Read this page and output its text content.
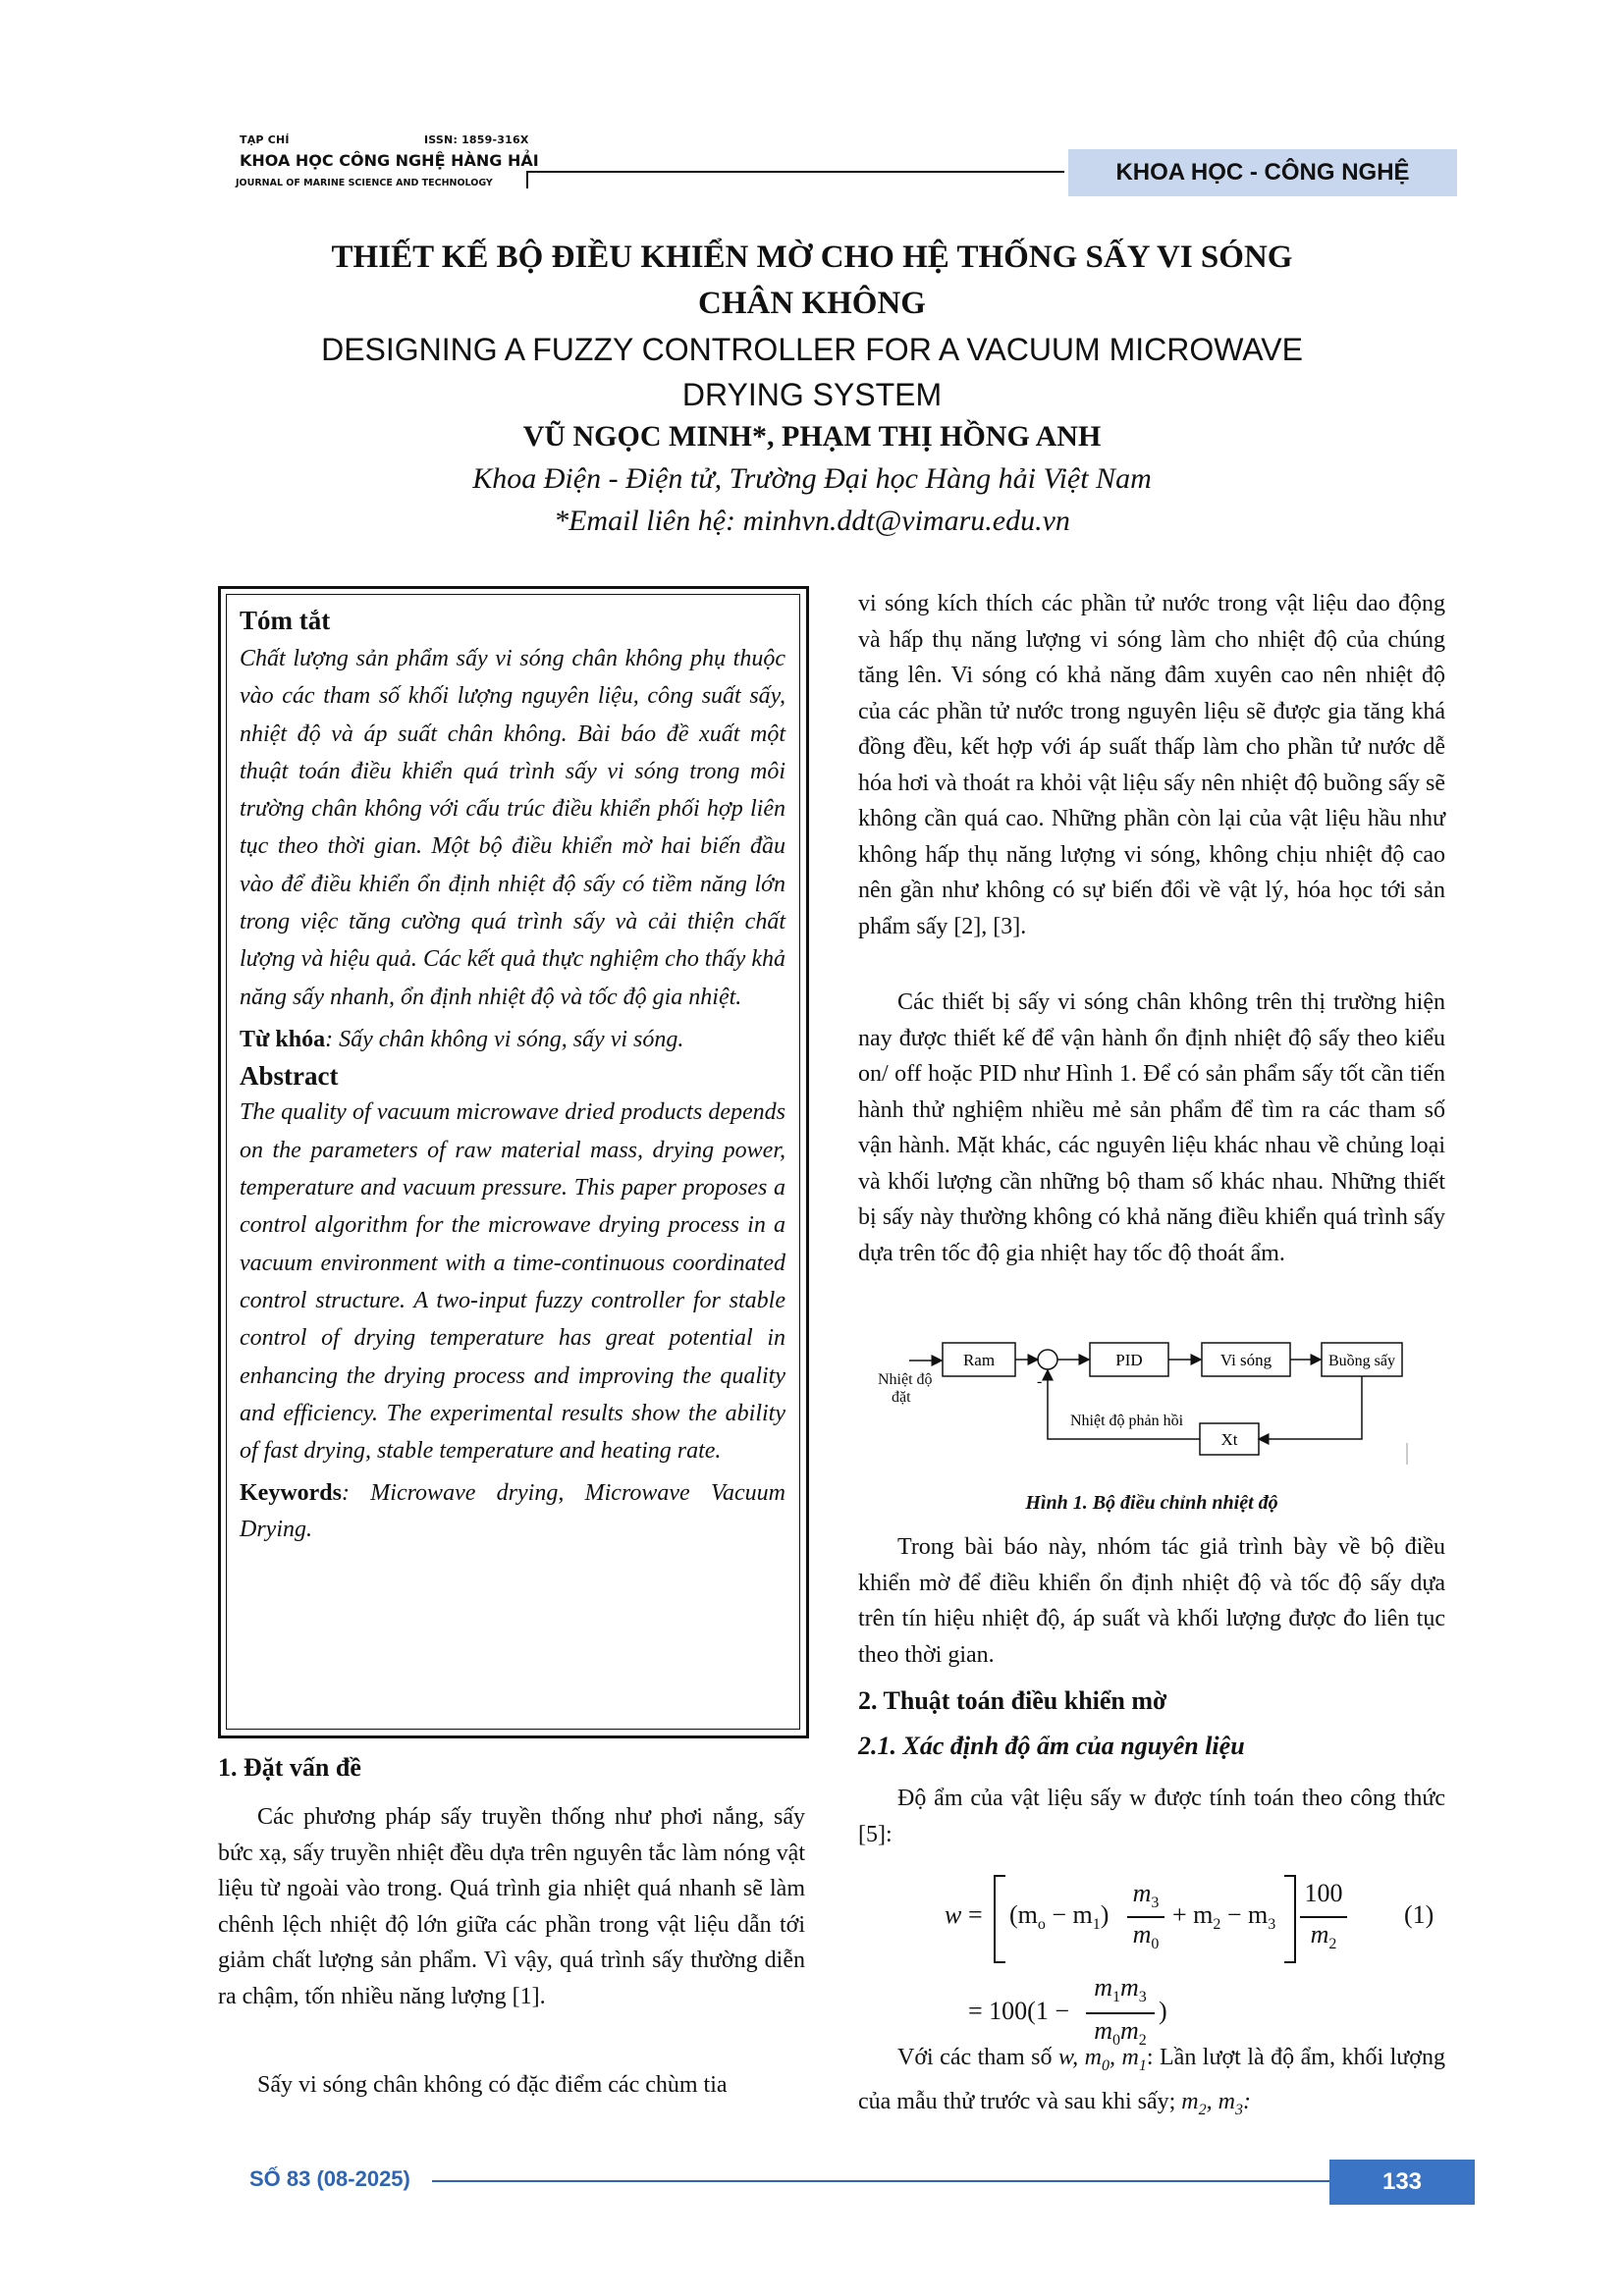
TẠP CHÍ	ISSN: 1859-316X
KHOA HỌC CÔNG NGHỆ HÀNG HẢI
JOURNAL OF MARINE SCIENCE AND TECHNOLOGY	KHOA HỌC - CÔNG NGHỆ
THIẾT KẾ BỘ ĐIỀU KHIỂN MỜ CHO HỆ THỐNG SẤY VI SÓNG
CHÂN KHÔNG
DESIGNING A FUZZY CONTROLLER FOR A VACUUM MICROWAVE
DRYING SYSTEM
VŨ NGỌC MINH*, PHẠM THỊ HỒNG ANH
Khoa Điện - Điện tử, Trường Đại học Hàng hải Việt Nam
*Email liên hệ: minhvn.ddt@vimaru.edu.vn
Tóm tắt
Chất lượng sản phẩm sấy vi sóng chân không phụ thuộc vào các tham số khối lượng nguyên liệu, công suất sấy, nhiệt độ và áp suất chân không. Bài báo đề xuất một thuật toán điều khiển quá trình sấy vi sóng trong môi trường chân không với cấu trúc điều khiển phối hợp liên tục theo thời gian. Một bộ điều khiển mờ hai biến đầu vào để điều khiển ổn định nhiệt độ sấy có tiềm năng lớn trong việc tăng cường quá trình sấy và cải thiện chất lượng và hiệu quả. Các kết quả thực nghiệm cho thấy khả năng sấy nhanh, ổn định nhiệt độ và tốc độ gia nhiệt.
Từ khóa: Sấy chân không vi sóng, sấy vi sóng.
Abstract
The quality of vacuum microwave dried products depends on the parameters of raw material mass, drying power, temperature and vacuum pressure. This paper proposes a control algorithm for the microwave drying process in a vacuum environment with a time-continuous coordinated control structure. A two-input fuzzy controller for stable control of drying temperature has great potential in enhancing the drying process and improving the quality and efficiency. The experimental results show the ability of fast drying, stable temperature and heating rate.
Keywords: Microwave drying, Microwave Vacuum Drying.
1. Đặt vấn đề
Các phương pháp sấy truyền thống như phơi nắng, sấy bức xạ, sấy truyền nhiệt đều dựa trên nguyên tắc làm nóng vật liệu từ ngoài vào trong. Quá trình gia nhiệt quá nhanh sẽ làm chênh lệch nhiệt độ lớn giữa các phần trong vật liệu dẫn tới giảm chất lượng sản phẩm. Vì vậy, quá trình sấy thường diễn ra chậm, tốn nhiều năng lượng [1].
Sấy vi sóng chân không có đặc điểm các chùm tia
vi sóng kích thích các phần tử nước trong vật liệu dao động và hấp thụ năng lượng vi sóng làm cho nhiệt độ của chúng tăng lên. Vi sóng có khả năng đâm xuyên cao nên nhiệt độ của các phần tử nước trong nguyên liệu sẽ được gia tăng khá đồng đều, kết hợp với áp suất thấp làm cho phần tử nước dễ hóa hơi và thoát ra khỏi vật liệu sấy nên nhiệt độ buồng sấy sẽ không cần quá cao. Những phần còn lại của vật liệu hầu như không hấp thụ năng lượng vi sóng, không chịu nhiệt độ cao nên gần như không có sự biến đổi về vật lý, hóa học tới sản phẩm sấy [2], [3].
Các thiết bị sấy vi sóng chân không trên thị trường hiện nay được thiết kế để vận hành ổn định nhiệt độ sấy theo kiểu on/ off hoặc PID như Hình 1. Để có sản phẩm sấy tốt cần tiến hành thử nghiệm nhiều mẻ sản phẩm để tìm ra các tham số vận hành. Mặt khác, các nguyên liệu khác nhau về chủng loại và khối lượng cần những bộ tham số khác nhau. Những thiết bị sấy này thường không có khả năng điều khiển quá trình sấy dựa trên tốc độ gia nhiệt hay tốc độ thoát ẩm.
Nhiệt độ
đặt
Ram
-
PID	Vi sóng	Buồng sấy
Xt
Nhiệt độ phản hồi
Hình 1. Bộ điều chỉnh nhiệt độ
Trong bài báo này, nhóm tác giả trình bày về bộ điều khiển mờ để điều khiển ổn định nhiệt độ và tốc độ sấy dựa trên tín hiệu nhiệt độ, áp suất và khối lượng được đo liên tục theo thời gian.
2. Thuật toán điều khiển mờ
2.1. Xác định độ ẩm của nguyên liệu
Độ ẩm của vật liệu sấy w được tính toán theo công thức [5]:
$w = (m_o - m_1)$
$m_3$
$m_0$
+ $m_2 - m_3$
100
$m_2$
(1)
= 100(1 −
$m_1m_3$
$m_0m_2$
)
Với các tham số w, $m_0$, $m_1$: Lần lượt là độ ẩm, khối lượng của mẫu thử trước và sau khi sấy; $m_2$, $m_3$:
SỐ 83 (08-2025)	133
